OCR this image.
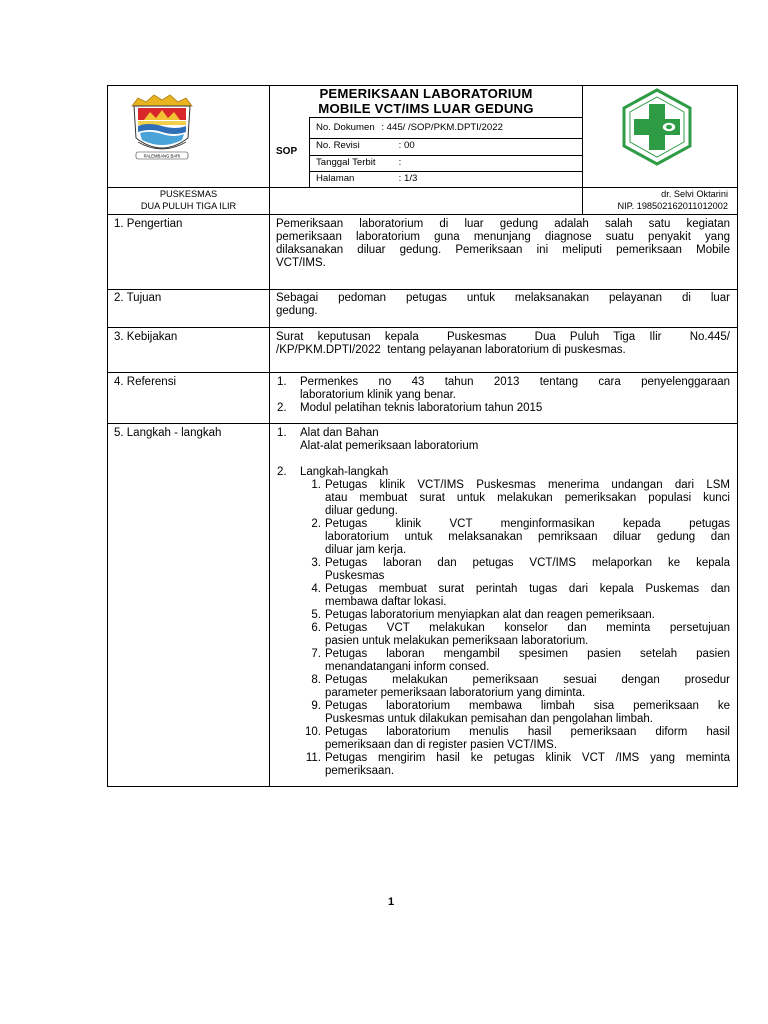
PALEMBANG BARI
PEMERIKSAAN LABORATORIUM
MOBILE VCT/IMS LUAR GEDUNG
SOP
No. Dokumen : 445/ /SOP/PKM.DPTI/2022
No. Revisi	: 00
Tanggal Terbit :
Halaman	: 1/3
PUSKESMAS
DUA PULUH TIGA ILIR
dr. Selvi Oktarini
NIP. 198502162011012002
1. Pengertian	Pemeriksaan laboratorium di luar gedung adalah salah satu kegiatan
pemeriksaan laboratorium guna menunjang diagnose suatu penyakit yang
dilaksanakan diluar gedung. Pemeriksaan ini meliputi pemeriksaan Mobile
VCT/IMS.
2. Tujuan	Sebagai pedoman petugas untuk melaksanakan pelayanan di luar
gedung.
3. Kebijakan	Surat keputusan kepala  Puskesmas  Dua Puluh Tiga Ilir  No.445/
/KP/PKM.DPTI/2022  tentang pelayanan laboratorium di puskesmas.
4. Referensi	1. Permenkes no 43 tahun 2013 tentang cara penyelenggaraan
laboratorium klinik yang benar.
2. Modul pelatihan teknis laboratorium tahun 2015
5. Langkah - langkah	1. Alat dan Bahan
Alat-alat pemeriksaan laboratorium
2. Langkah-langkah
1. Petugas klinik VCT/IMS Puskesmas menerima undangan dari LSM
atau membuat surat untuk melakukan pemeriksakan populasi kunci
diluar gedung.
2. Petugas klinik VCT menginformasikan kepada petugas
laboratorium untuk melaksanakan pemriksaan diluar gedung dan
diluar jam kerja.
3. Petugas laboran dan petugas VCT/IMS melaporkan ke kepala
Puskesmas
4. Petugas membuat surat perintah tugas dari kepala Puskemas dan
membawa daftar lokasi.
5. Petugas laboratorium menyiapkan alat dan reagen pemeriksaan.
6. Petugas VCT melakukan konselor dan meminta persetujuan
pasien untuk melakukan pemeriksaan laboratorium.
7. Petugas laboran mengambil spesimen pasien setelah pasien
menandatangani inform consed.
8. Petugas melakukan pemeriksaan sesuai dengan prosedur
parameter pemeriksaan laboratorium yang diminta.
9. Petugas laboratorium membawa limbah sisa pemeriksaan ke
Puskesmas untuk dilakukan pemisahan dan pengolahan limbah.
10. Petugas laboratorium menulis hasil pemeriksaan diform hasil
pemeriksaan dan di register pasien VCT/IMS.
11. Petugas mengirim hasil ke petugas klinik VCT /IMS yang meminta
pemeriksaan.
1
